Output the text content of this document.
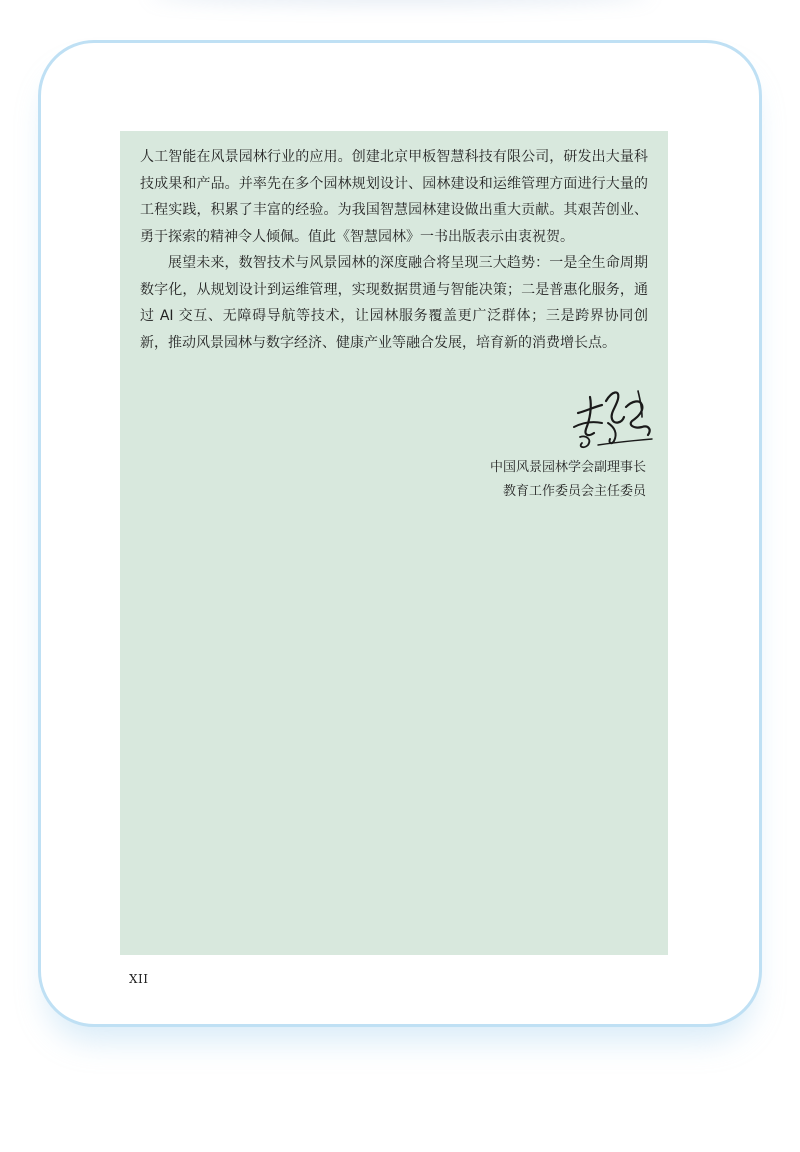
人工智能在风景园林行业的应用。创建北京甲板智慧科技有限公司，研发出大量科技成果和产品。并率先在多个园林规划设计、园林建设和运维管理方面进行大量的工程实践，积累了丰富的经验。为我国智慧园林建设做出重大贡献。其艰苦创业、勇于探索的精神令人倾佩。值此《智慧园林》一书出版表示由衷祝贺。

展望未来，数智技术与风景园林的深度融合将呈现三大趋势：一是全生命周期数字化，从规划设计到运维管理，实现数据贯通与智能决策；二是普惠化服务，通过 AI 交互、无障碍导航等技术，让园林服务覆盖更广泛群体；三是跨界协同创新，推动风景园林与数字经济、健康产业等融合发展，培育新的消费增长点。

中国风景园林学会副理事长
教育工作委员会主任委员
XII
